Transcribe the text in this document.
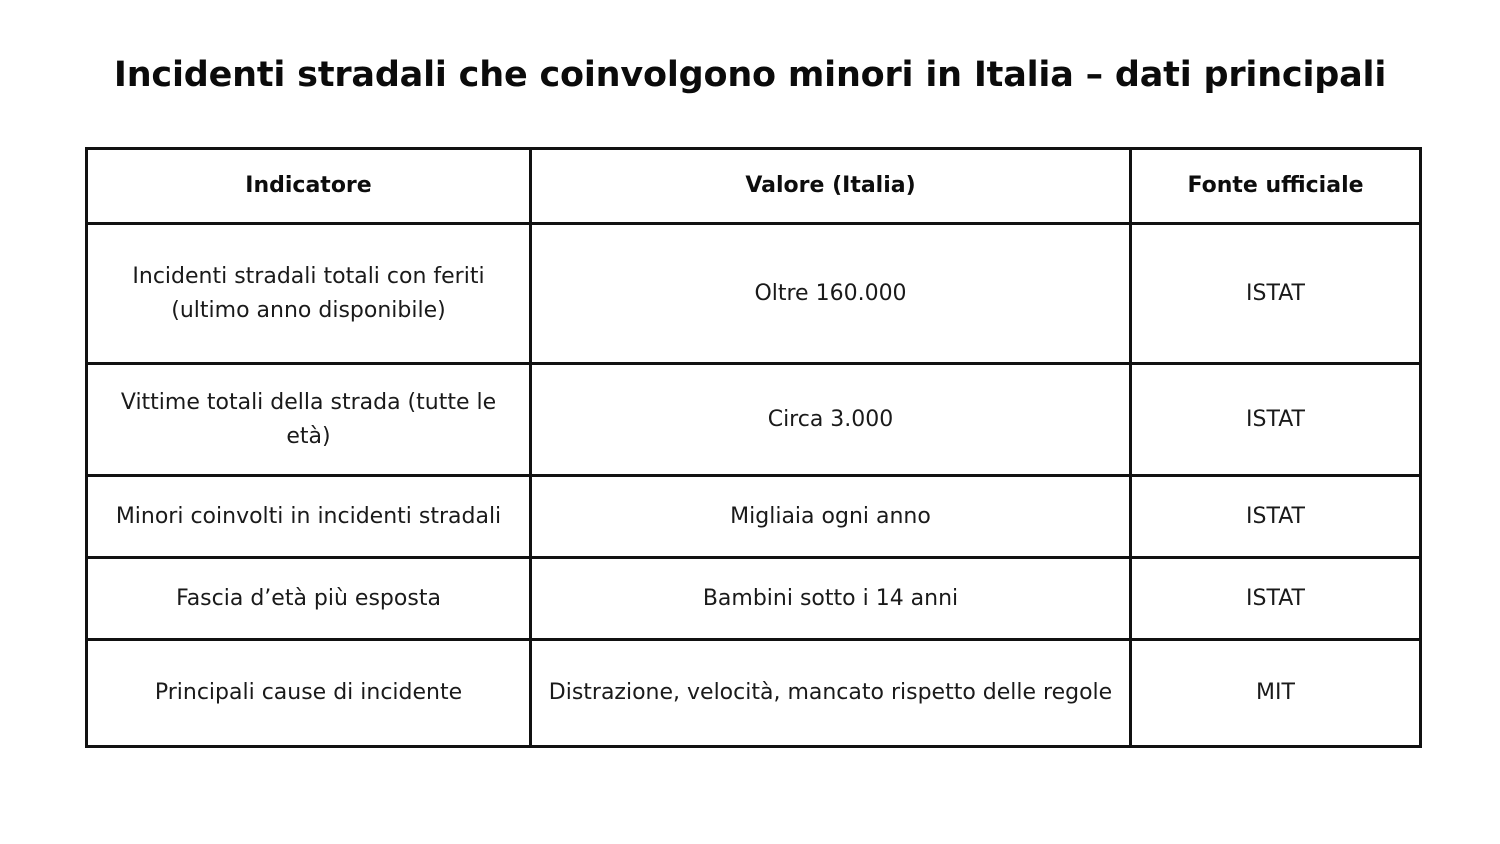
Incidenti stradali che coinvolgono minori in Italia – dati principali
Indicatore	Valore (Italia)	Fonte ufficiale
Incidenti stradali totali con feriti (ultimo anno disponibile)	Oltre 160.000	ISTAT
Vittime totali della strada (tutte le età)	Circa 3.000	ISTAT
Minori coinvolti in incidenti stradali	Migliaia ogni anno	ISTAT
Fascia d’età più esposta	Bambini sotto i 14 anni	ISTAT
Principali cause di incidente	Distrazione, velocità, mancato rispetto delle regole	MIT
